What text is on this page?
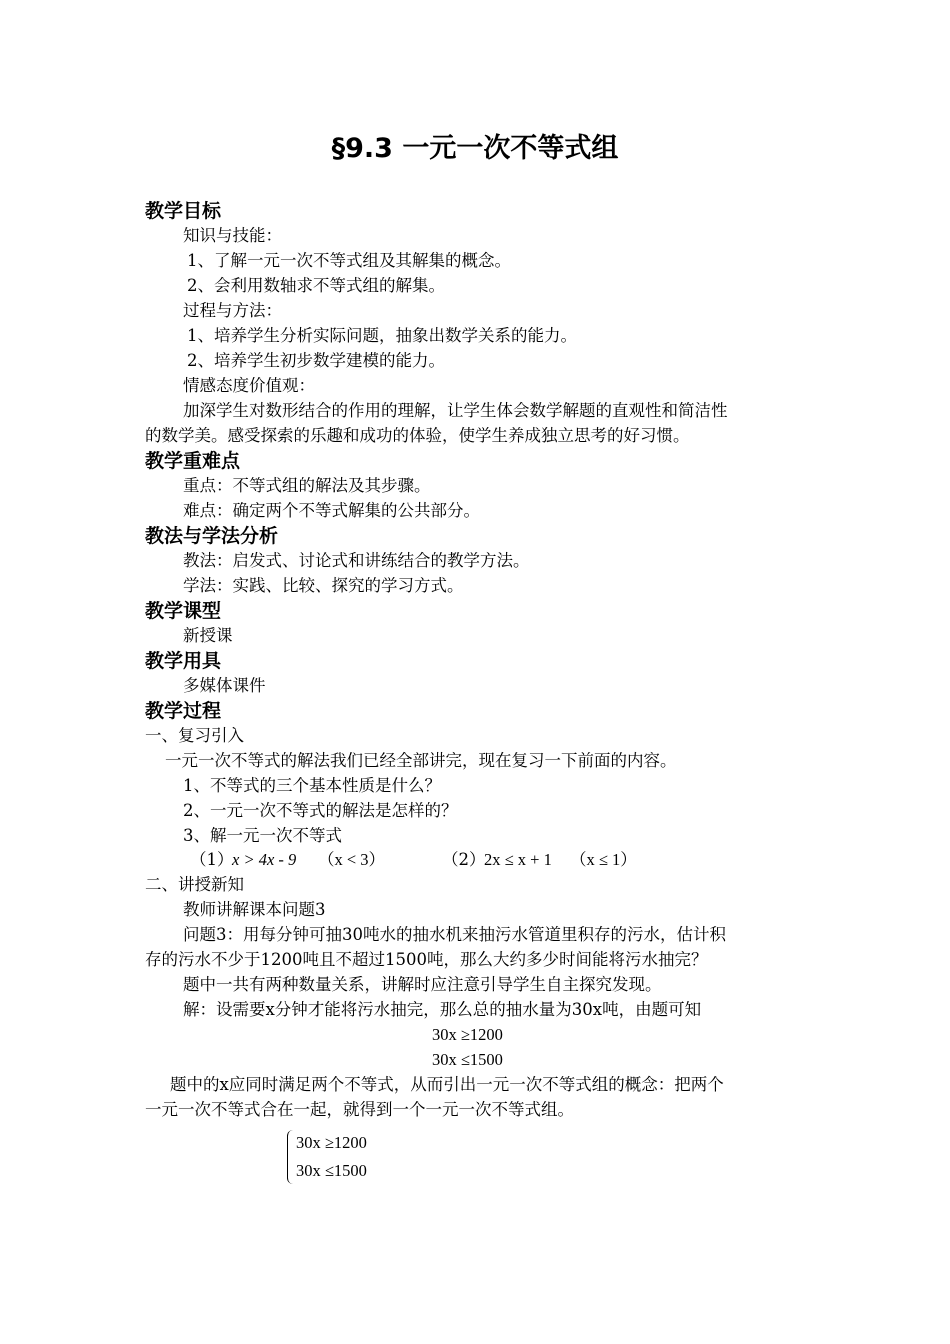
§9.3 一元一次不等式组
教学目标
知识与技能：
1、了解一元一次不等式组及其解集的概念。
2、会利用数轴求不等式组的解集。
过程与方法：
1、培养学生分析实际问题，抽象出数学关系的能力。
2、培养学生初步数学建模的能力。
情感态度价值观：
加深学生对数形结合的作用的理解，让学生体会数学解题的直观性和简洁性
的数学美。感受探索的乐趣和成功的体验，使学生养成独立思考的好习惯。
教学重难点
重点：不等式组的解法及其步骤。
难点：确定两个不等式解集的公共部分。
教法与学法分析
教法：启发式、讨论式和讲练结合的教学方法。
学法：实践、比较、探究的学习方式。
教学课型
新授课
教学用具
多媒体课件
教学过程
一、复习引入
一元一次不等式的解法我们已经全部讲完，现在复习一下前面的内容。
1、不等式的三个基本性质是什么？
2、一元一次不等式的解法是怎样的？
3、解一元一次不等式
（1）
x > 4x - 9 （x < 3）	（2）
2x ≤ x + 1 （x ≤ 1）
二、讲授新知
教师讲解课本问题3
问题3：用每分钟可抽30吨水的抽水机来抽污水管道里积存的污水，估计积
存的污水不少于1200吨且不超过1500吨，那么大约多少时间能将污水抽完？
题中一共有两种数量关系，讲解时应注意引导学生自主探究发现。
解：设需要x分钟才能将污水抽完，那么总的抽水量为30x吨，由题可知
30x ≥1200
30x ≤1500
题中的x应同时满足两个不等式，从而引出一元一次不等式组的概念：把两个
一元一次不等式合在一起，就得到一个一元一次不等式组。
30x ≥1200
30x ≤1500
